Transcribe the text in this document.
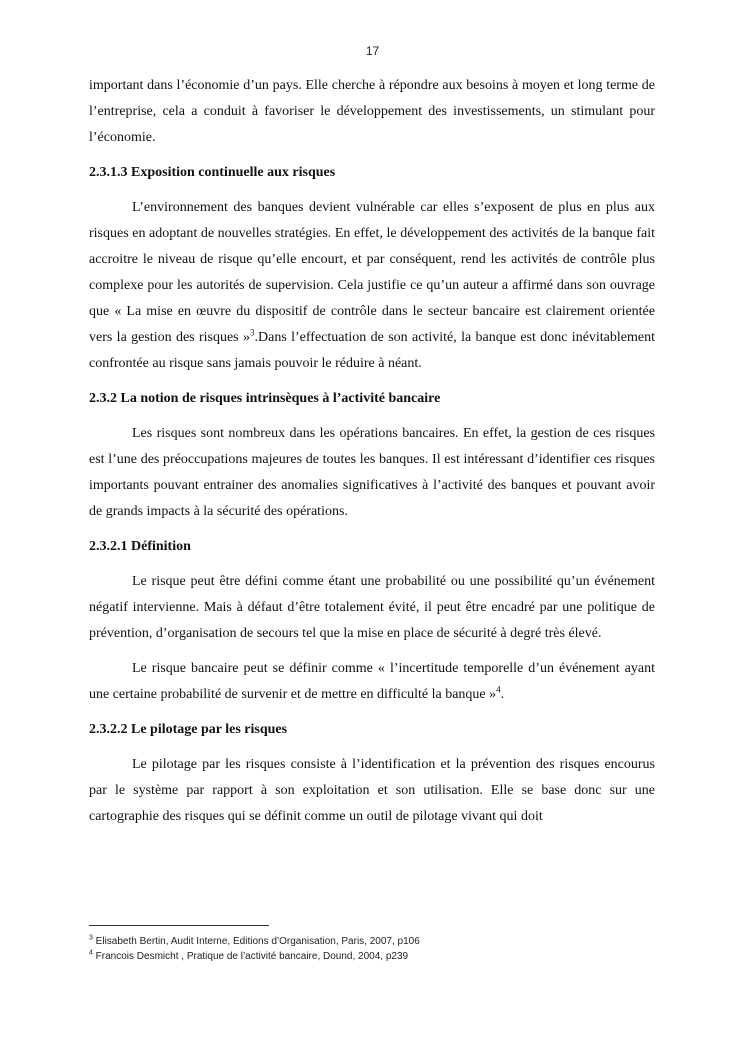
17

important dans l’économie d’un pays. Elle cherche à répondre aux besoins à moyen et long terme de l’entreprise, cela a conduit à favoriser le développement des investissements, un stimulant pour l’économie.

2.3.1.3 Exposition continuelle aux risques

L’environnement des banques devient vulnérable car elles s’exposent de plus en plus aux risques en adoptant de nouvelles stratégies. En effet, le développement des activités de la banque fait accroitre le niveau de risque qu’elle encourt, et par conséquent, rend les activités de contrôle plus complexe pour les autorités de supervision. Cela justifie ce qu’un auteur a affirmé dans son ouvrage que « La mise en œuvre du dispositif de contrôle dans le secteur bancaire est clairement orientée vers la gestion des risques »$^3$.Dans l’effectuation de son activité, la banque est donc inévitablement confrontée au risque sans jamais pouvoir le réduire à néant.

2.3.2 La notion de risques intrinsèques à l’activité bancaire

Les risques sont nombreux dans les opérations bancaires. En effet, la gestion de ces risques est l’une des préoccupations majeures de toutes les banques. Il est intéressant d’identifier ces risques importants pouvant entrainer des anomalies significatives à l’activité des banques et pouvant avoir de grands impacts à la sécurité des opérations.

2.3.2.1 Définition

Le risque peut être défini comme étant une probabilité ou une possibilité qu’un événement négatif intervienne. Mais à défaut d’être totalement évité, il peut être encadré par une politique de prévention, d’organisation de secours tel que la mise en place de sécurité à degré très élevé.

Le risque bancaire peut se définir comme « l’incertitude temporelle d’un événement ayant une certaine probabilité de survenir et de mettre en difficulté la banque »$^4$.

2.3.2.2 Le pilotage par les risques

Le pilotage par les risques consiste à l’identification et la prévention des risques encourus par le système par rapport à son exploitation et son utilisation. Elle se base donc sur une cartographie des risques qui se définit comme un outil de pilotage vivant qui doit

$^3$ Elisabeth Bertin, Audit Interne, Editions d’Organisation, Paris, 2007, p106
$^4$ Francois Desmicht , Pratique de l’activité bancaire, Dound, 2004, p239
